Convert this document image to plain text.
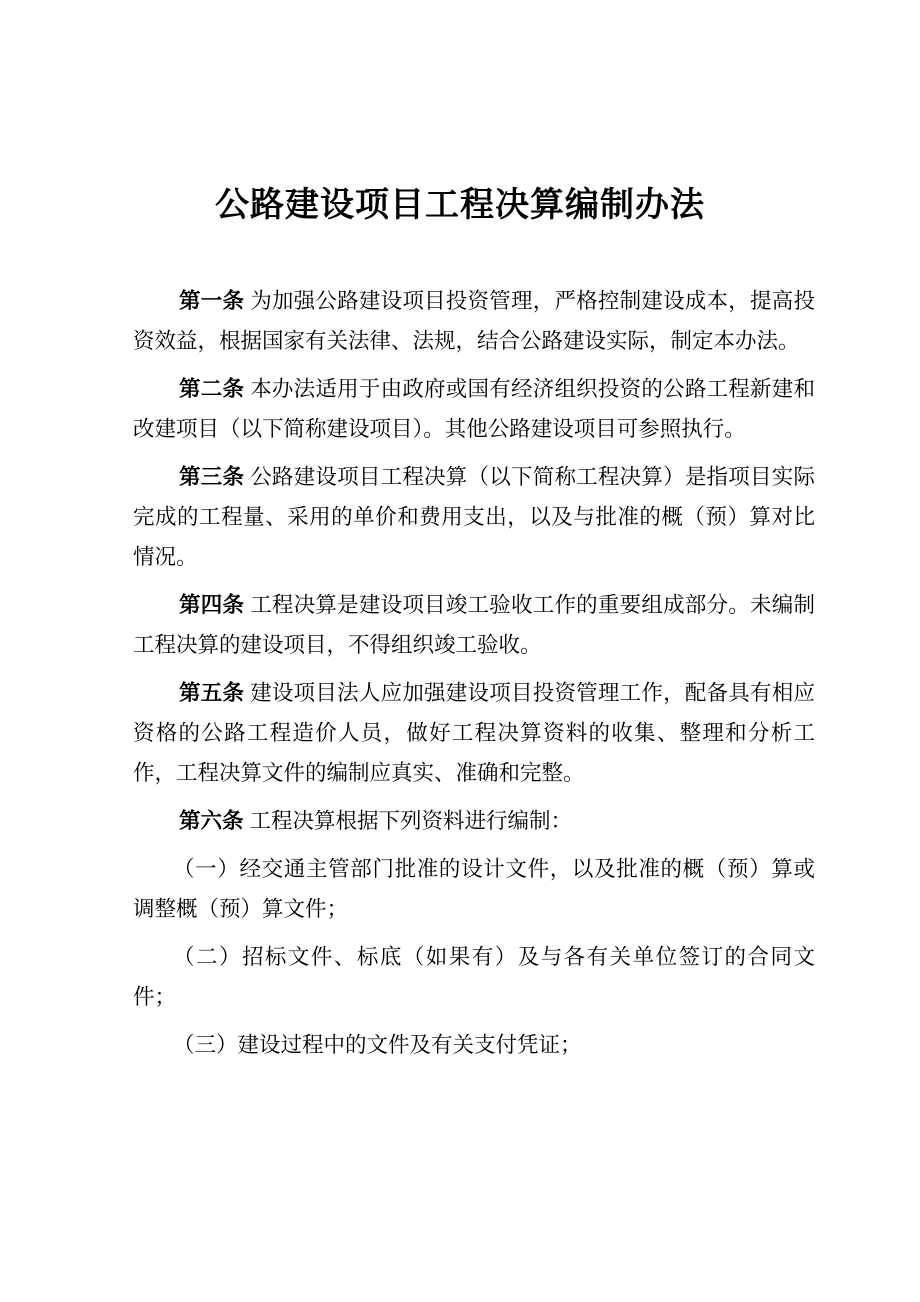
公路建设项目工程决算编制办法

第一条 为加强公路建设项目投资管理，严格控制建设成本，提高投资效益，根据国家有关法律、法规，结合公路建设实际，制定本办法。

第二条 本办法适用于由政府或国有经济组织投资的公路工程新建和改建项目（以下简称建设项目）。其他公路建设项目可参照执行。

第三条 公路建设项目工程决算（以下简称工程决算）是指项目实际完成的工程量、采用的单价和费用支出，以及与批准的概（预）算对比情况。

第四条 工程决算是建设项目竣工验收工作的重要组成部分。未编制工程决算的建设项目，不得组织竣工验收。

第五条 建设项目法人应加强建设项目投资管理工作，配备具有相应资格的公路工程造价人员，做好工程决算资料的收集、整理和分析工作，工程决算文件的编制应真实、准确和完整。

第六条 工程决算根据下列资料进行编制：

（一）经交通主管部门批准的设计文件，以及批准的概（预）算或调整概（预）算文件；

（二）招标文件、标底（如果有）及与各有关单位签订的合同文件；

（三）建设过程中的文件及有关支付凭证；
